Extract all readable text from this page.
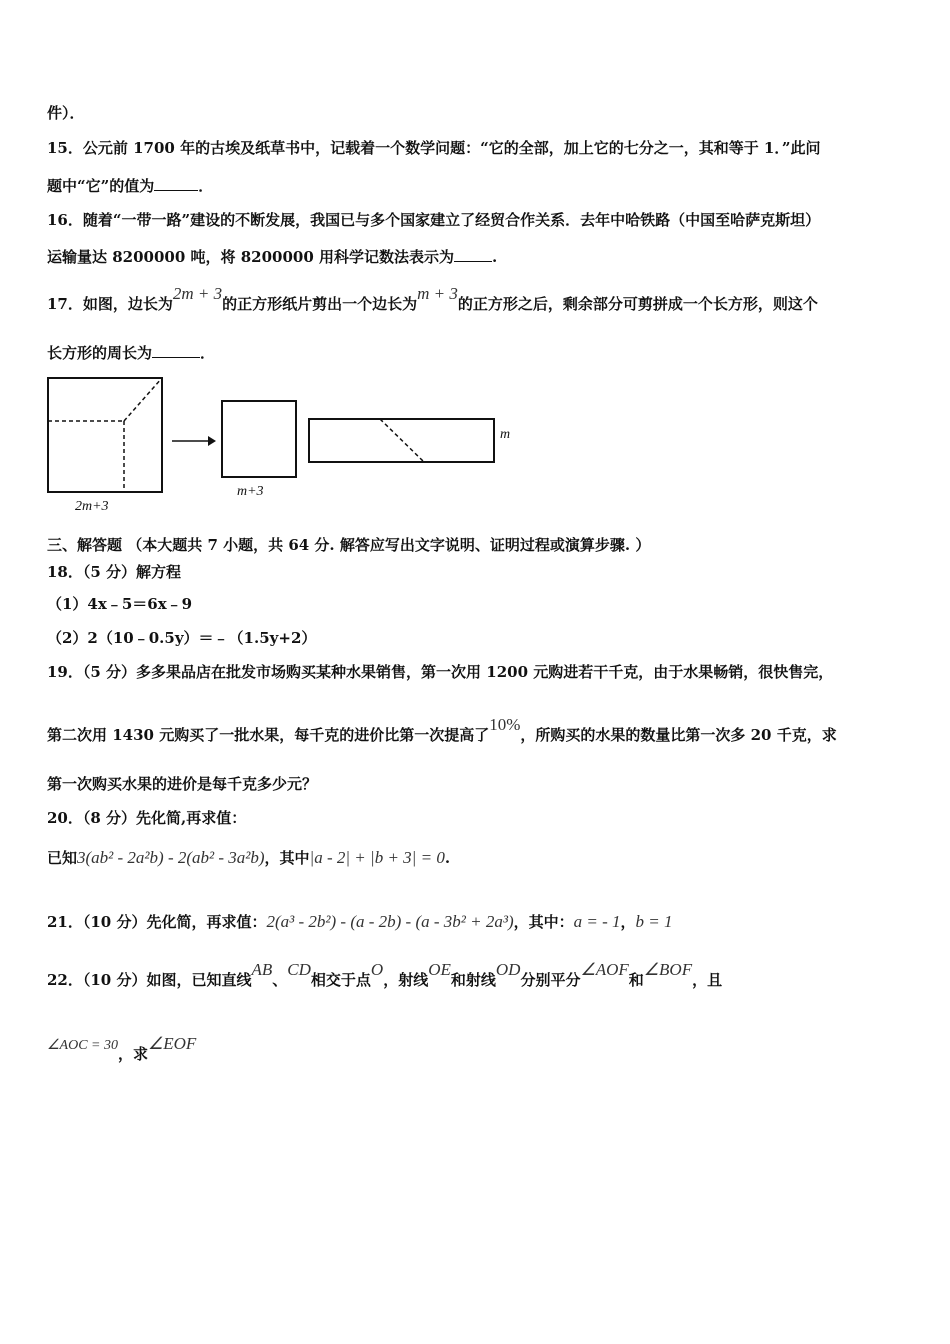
件）．
15．公元前 1700 年的古埃及纸草书中，记载着一个数学问题：“它的全部，加上它的七分之一，其和等于 1．”此问
题中“它”的值为	．
16．随着“一带一路”建设的不断发展，我国已与多个国家建立了经贸合作关系．去年中哈铁路（中国至哈萨克斯坦）
运输量达 8200000 吨，将 8200000 用科学记数法表示为	.
17．如图，边长为2m + 3的正方形纸片剪出一个边长为m + 3的正方形之后，剩余部分可剪拼成一个长方形，则这个
长方形的周长为	．
2m+3
m+3
m
三、解答题 （本大题共 7 小题，共 64 分. 解答应写出文字说明、证明过程或演算步骤. ）
18．（5 分）解方程
（1）4x﹣5＝6x﹣9
（2）2（10﹣0.5y）＝﹣（1.5y+2）
19．（5 分）多多果品店在批发市场购买某种水果销售，第一次用 1200 元购进若干千克，由于水果畅销，很快售完，
第二次用 1430 元购买了一批水果，每千克的进价比第一次提高了10%，所购买的水果的数量比第一次多 20 千克，求
第一次购买水果的进价是每千克多少元？
20．（8 分）先化简,再求值：
已知3(ab² - 2a²b) - 2(ab² - 3a²b)，其中|a - 2| + |b + 3| = 0.
21．（10 分）先化简，再求值：2(a³ - 2b²) - (a - 2b) - (a - 3b² + 2a³)，其中：a = - 1，b = 1
22．（10 分）如图，已知直线AB、CD相交于点O，射线OE和射线OD分别平分∠AOF和∠BOF，且
∠AOC = 30，求∠EOF
